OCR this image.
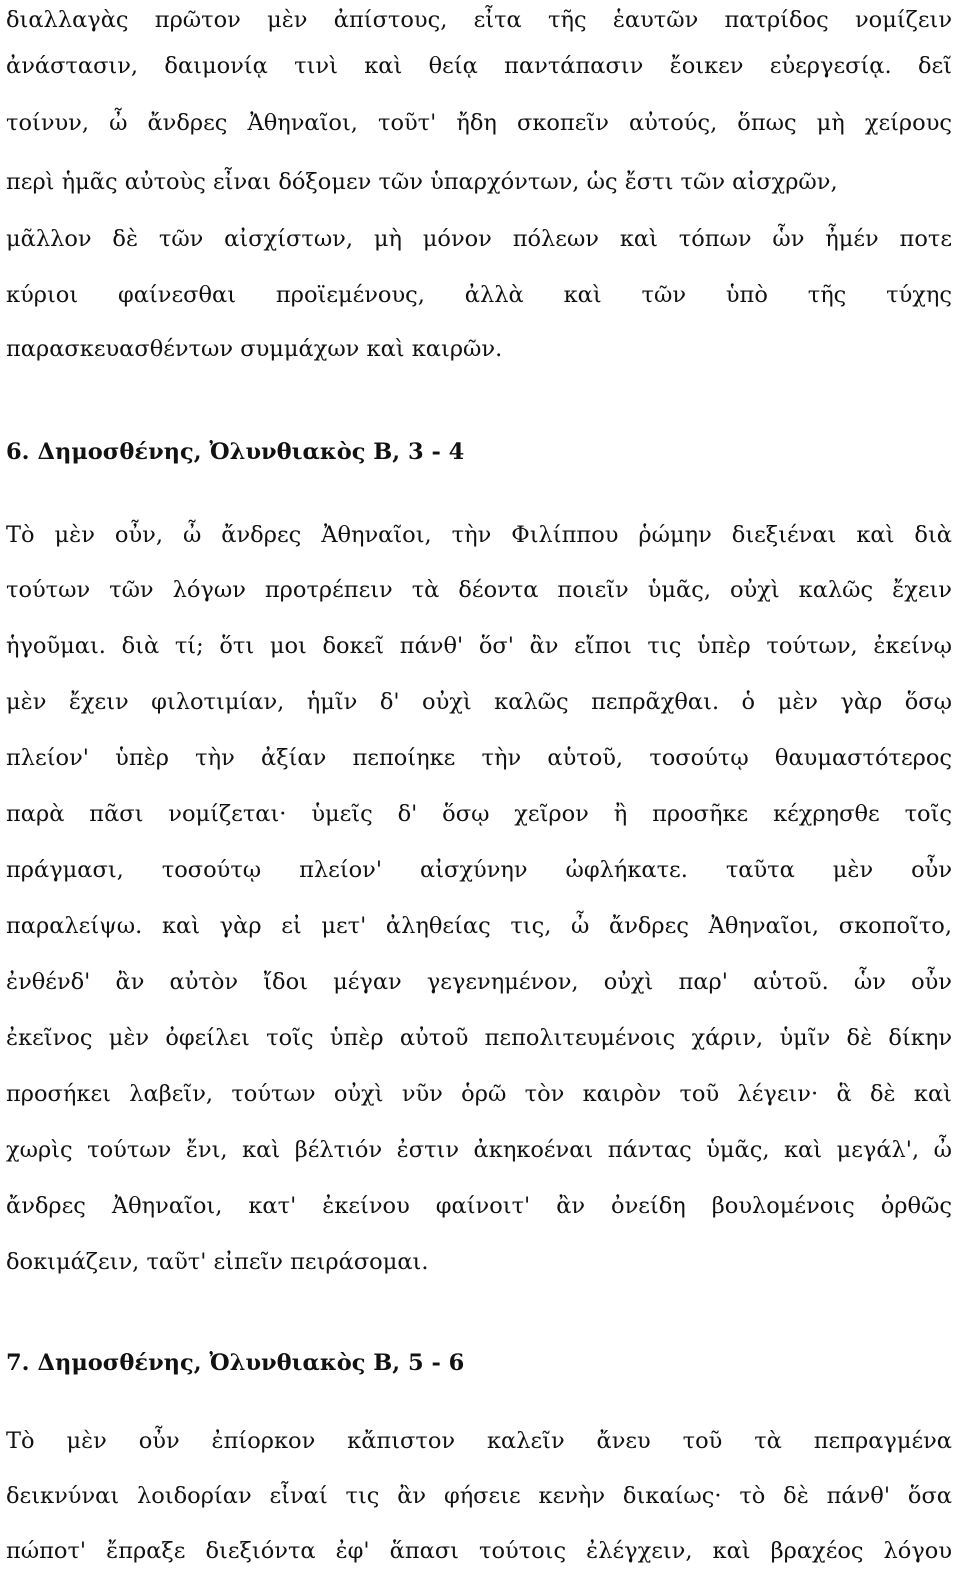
διαλλαγὰς πρῶτον μὲν ἀπίστους, εἶτα τῆς ἑαυτῶν πατρίδος νομίζειν
ἀνάστασιν, δαιμονίᾳ τινὶ καὶ θείᾳ παντάπασιν ἔοικεν εὐεργεσίᾳ. δεῖ
τοίνυν, ὦ ἄνδρες Ἀθηναῖοι, τοῦτ' ἤδη σκοπεῖν αὐτούς, ὅπως μὴ χείρους
περὶ ἡμᾶς αὐτοὺς εἶναι δόξομεν τῶν ὑπαρχόντων, ὡς ἔστι τῶν αἰσχρῶν,
μᾶλλον δὲ τῶν αἰσχίστων, μὴ μόνον πόλεων καὶ τόπων ὧν ἦμέν ποτε
κύριοι φαίνεσθαι προϊεμένους, ἀλλὰ καὶ τῶν ὑπὸ τῆς τύχης
παρασκευασθέντων συμμάχων καὶ καιρῶν.
6. Δημοσθένης, Ὀλυνθιακὸς Β, 3 - 4
Τὸ μὲν οὖν, ὦ ἄνδρες Ἀθηναῖοι, τὴν Φιλίππου ῥώμην διεξιέναι καὶ διὰ
τούτων τῶν λόγων προτρέπειν τὰ δέοντα ποιεῖν ὑμᾶς, οὐχὶ καλῶς ἔχειν
ἡγοῦμαι. διὰ τί; ὅτι μοι δοκεῖ πάνθ' ὅσ' ἂν εἴποι τις ὑπὲρ τούτων, ἐκείνῳ
μὲν ἔχειν φιλοτιμίαν, ἡμῖν δ' οὐχὶ καλῶς πεπρᾶχθαι. ὁ μὲν γὰρ ὅσῳ
πλείον' ὑπὲρ τὴν ἀξίαν πεποίηκε τὴν αὑτοῦ, τοσούτῳ θαυμαστότερος
παρὰ πᾶσι νομίζεται· ὑμεῖς δ' ὅσῳ χεῖρον ἢ προσῆκε κέχρησθε τοῖς
πράγμασι, τοσούτῳ πλείον' αἰσχύνην ὠφλήκατε. ταῦτα μὲν οὖν
παραλείψω. καὶ γὰρ εἰ μετ' ἀληθείας τις, ὦ ἄνδρες Ἀθηναῖοι, σκοποῖτο,
ἐνθένδ' ἂν αὐτὸν ἴδοι μέγαν γεγενημένον, οὐχὶ παρ' αὑτοῦ. ὧν οὖν
ἐκεῖνος μὲν ὀφείλει τοῖς ὑπὲρ αὐτοῦ πεπολιτευμένοις χάριν, ὑμῖν δὲ δίκην
προσήκει λαβεῖν, τούτων οὐχὶ νῦν ὁρῶ τὸν καιρὸν τοῦ λέγειν· ἃ δὲ καὶ
χωρὶς τούτων ἔνι, καὶ βέλτιόν ἐστιν ἀκηκοέναι πάντας ὑμᾶς, καὶ μεγάλ', ὦ
ἄνδρες Ἀθηναῖοι, κατ' ἐκείνου φαίνοιτ' ἂν ὀνείδη βουλομένοις ὀρθῶς
δοκιμάζειν, ταῦτ' εἰπεῖν πειράσομαι.
7. Δημοσθένης, Ὀλυνθιακὸς Β, 5 - 6
Τὸ μὲν οὖν ἐπίορκον κἄπιστον καλεῖν ἄνευ τοῦ τὰ πεπραγμένα
δεικνύναι λοιδορίαν εἶναί τις ἂν φήσειε κενὴν δικαίως· τὸ δὲ πάνθ' ὅσα
πώποτ' ἔπραξε διεξιόντα ἐφ' ἅπασι τούτοις ἐλέγχειν, καὶ βραχέος λόγου
